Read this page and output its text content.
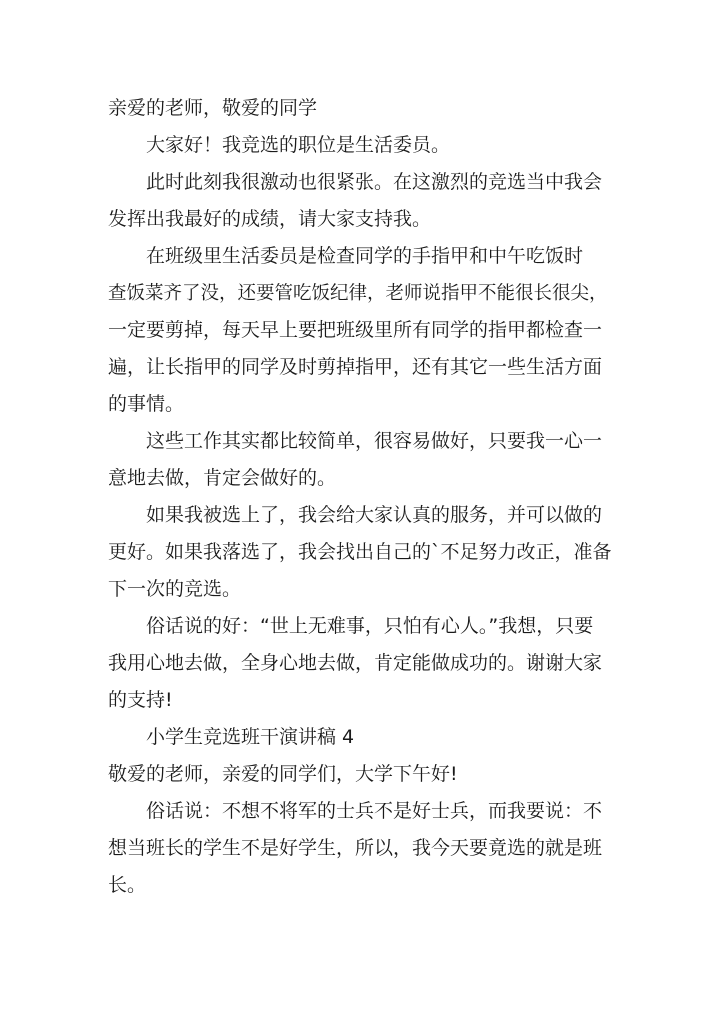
亲爱的老师，敬爱的同学
大家好！我竞选的职位是生活委员。
此时此刻我很激动也很紧张。在这激烈的竞选当中我会
发挥出我最好的成绩，请大家支持我。
在班级里生活委员是检查同学的手指甲和中午吃饭时
查饭菜齐了没，还要管吃饭纪律，老师说指甲不能很长很尖，
一定要剪掉，每天早上要把班级里所有同学的指甲都检查一
遍，让长指甲的同学及时剪掉指甲，还有其它一些生活方面
的事情。
这些工作其实都比较简单，很容易做好，只要我一心一
意地去做，肯定会做好的。
如果我被选上了，我会给大家认真的服务，并可以做的
更好。如果我落选了，我会找出自己的`不足努力改正，准备
下一次的竞选。
俗话说的好：“世上无难事，只怕有心人。”我想，只要
我用心地去做，全身心地去做，肯定能做成功的。谢谢大家
的支持!
小学生竞选班干演讲稿 4
敬爱的老师，亲爱的同学们，大学下午好!
俗话说：不想不将军的士兵不是好士兵，而我要说：不
想当班长的学生不是好学生，所以，我今天要竟选的就是班
长。
